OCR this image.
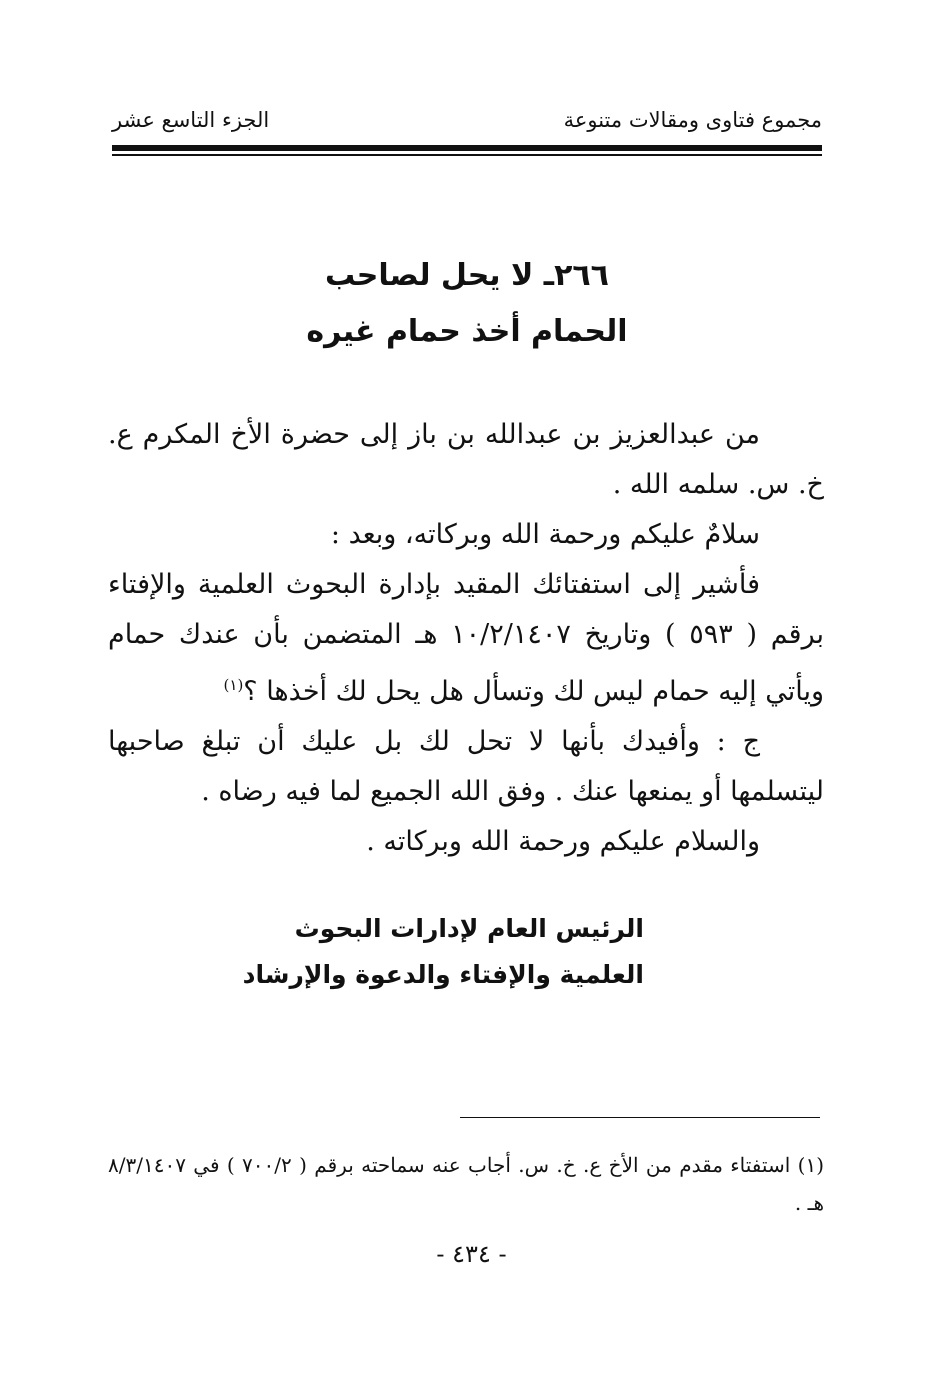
مجموع فتاوى ومقالات متنوعة
الجزء التاسع عشر
٢٦٦ـ لا يحل لصاحب
الحمام أخذ حمام غيره

من عبدالعزيز بن عبدالله بن باز إلى حضرة الأخ المكرم ع. خ. س. سلمه الله .

سلامٌ عليكم ورحمة الله وبركاته، وبعد :

فأشير إلى استفتائك المقيد بإدارة البحوث العلمية والإفتاء برقم ( ٥٩٣ ) وتاريخ ١٠/٢/١٤٠٧ هـ المتضمن بأن عندك حمام ويأتي إليه حمام ليس لك وتسأل هل يحل لك أخذها ؟$^{(١)}$

ج : وأفيدك بأنها لا تحل لك بل عليك أن تبلغ صاحبها ليتسلمها أو يمنعها عنك . وفق الله الجميع لما فيه رضاه .

والسلام عليكم ورحمة الله وبركاته .

الرئيس العام لإدارات البحوث
العلمية والإفتاء والدعوة والإرشاد

(١) استفتاء مقدم من الأخ ع. خ. س. أجاب عنه سماحته برقم ( ٧٠٠/٢ ) في ٨/٣/١٤٠٧ هـ .

- ٤٣٤ -
